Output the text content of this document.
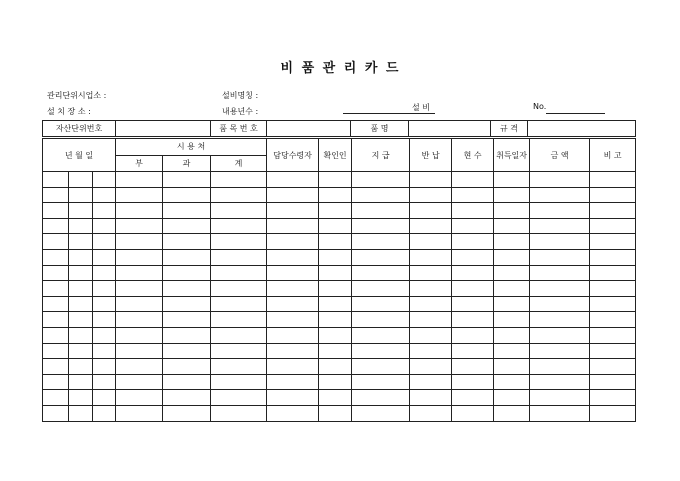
비 품 관 리 카 드
관리단위시업소 :
설 치 장 소 :
설비명칭 :
내용년수 :	설 비	No.
자산단위번호		품 목 번 호		품 명		규 격	
년 월 일			시 용 처			담당수령자	확인인	지 급	반 납	현 수	취득일자	금 액	비 고
			부	과	계								
